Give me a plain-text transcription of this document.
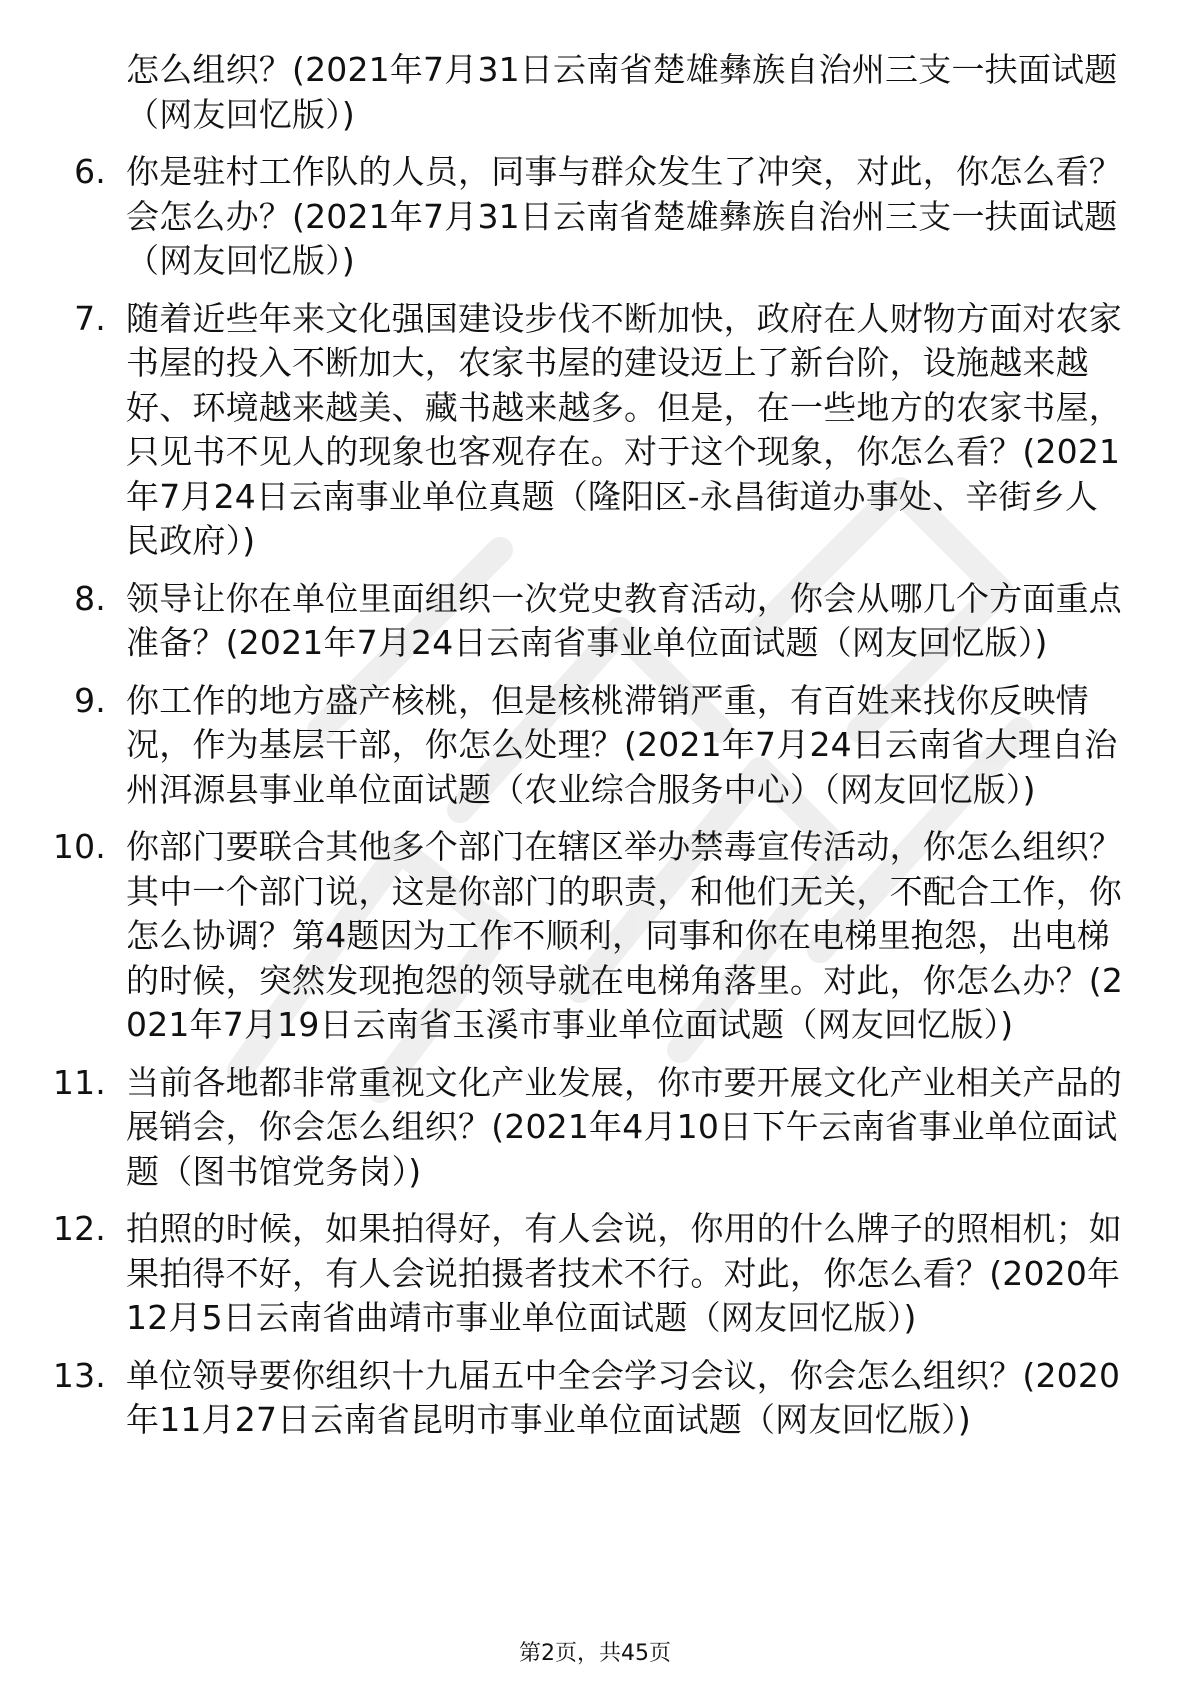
怎么组织？(2021年7月31日云南省楚雄彝族自治州三支一扶面试题（网友回忆版）)
6. 你是驻村工作队的人员，同事与群众发生了冲突，对此，你怎么看？会怎么办？(2021年7月31日云南省楚雄彝族自治州三支一扶面试题（网友回忆版）)
7. 随着近些年来文化强国建设步伐不断加快，政府在人财物方面对农家书屋的投入不断加大，农家书屋的建设迈上了新台阶，设施越来越好、环境越来越美、藏书越来越多。但是，在一些地方的农家书屋，只见书不见人的现象也客观存在。对于这个现象，你怎么看？(2021年7月24日云南事业单位真题（隆阳区-永昌街道办事处、辛街乡人民政府）)
8. 领导让你在单位里面组织一次党史教育活动，你会从哪几个方面重点准备？(2021年7月24日云南省事业单位面试题（网友回忆版）)
9. 你工作的地方盛产核桃，但是核桃滞销严重，有百姓来找你反映情况，作为基层干部，你怎么处理？(2021年7月24日云南省大理自治州洱源县事业单位面试题（农业综合服务中心）（网友回忆版）)
10. 你部门要联合其他多个部门在辖区举办禁毒宣传活动，你怎么组织？其中一个部门说，这是你部门的职责，和他们无关，不配合工作，你怎么协调？第4题因为工作不顺利，同事和你在电梯里抱怨，出电梯的时候，突然发现抱怨的领导就在电梯角落里。对此，你怎么办？(2021年7月19日云南省玉溪市事业单位面试题（网友回忆版）)
11. 当前各地都非常重视文化产业发展，你市要开展文化产业相关产品的展销会，你会怎么组织？(2021年4月10日下午云南省事业单位面试题（图书馆党务岗）)
12. 拍照的时候，如果拍得好，有人会说，你用的什么牌子的照相机；如果拍得不好，有人会说拍摄者技术不行。对此，你怎么看？(2020年12月5日云南省曲靖市事业单位面试题（网友回忆版）)
13. 单位领导要你组织十九届五中全会学习会议，你会怎么组织？(2020年11月27日云南省昆明市事业单位面试题（网友回忆版）)
第2页，共45页
